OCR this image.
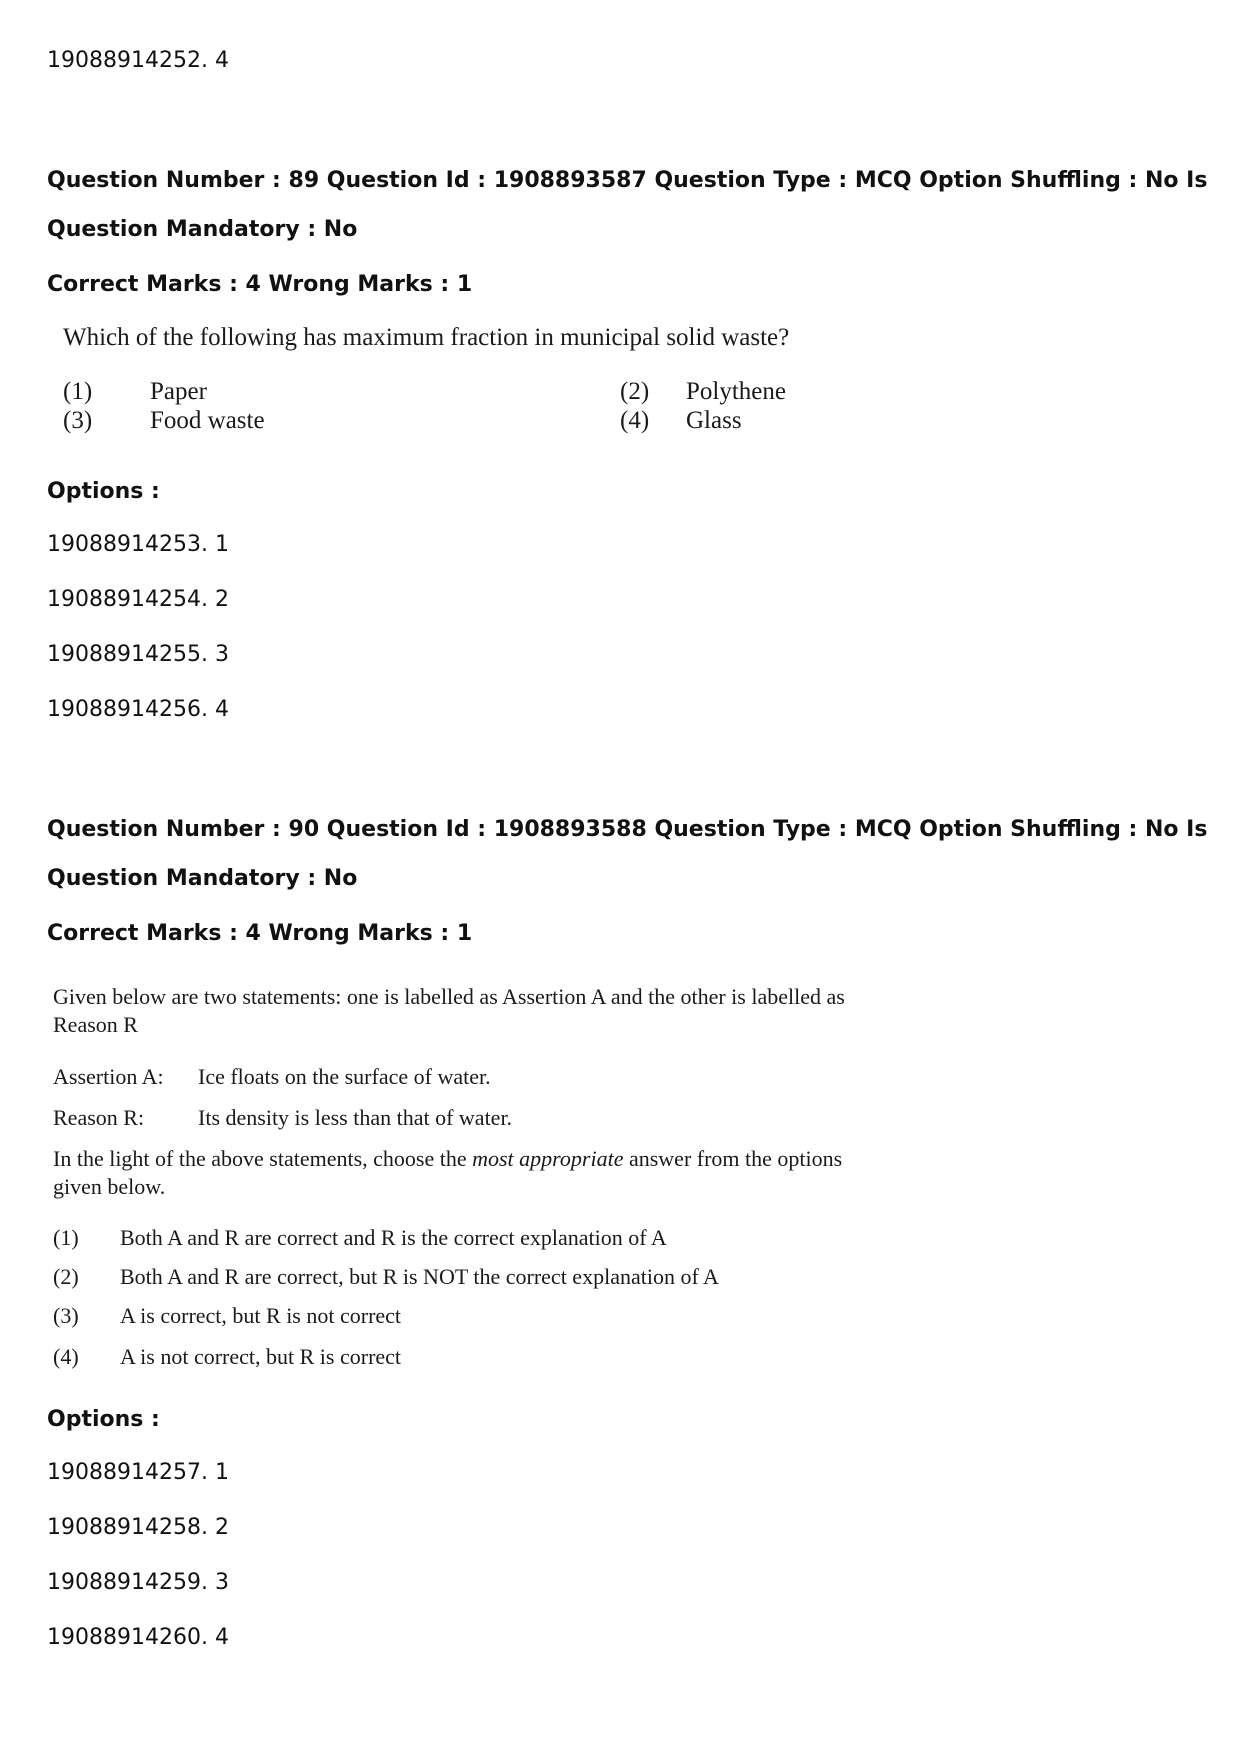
19088914252. 4
Question Number : 89 Question Id : 1908893587 Question Type : MCQ Option Shuffling : No Is
Question Mandatory : No
Correct Marks : 4 Wrong Marks : 1
Which of the following has maximum fraction in municipal solid waste?
(1) Paper	(2) Polythene
(3) Food waste	(4) Glass
Options :
19088914253. 1
19088914254. 2
19088914255. 3
19088914256. 4
Question Number : 90 Question Id : 1908893588 Question Type : MCQ Option Shuffling : No Is
Question Mandatory : No
Correct Marks : 4 Wrong Marks : 1
Given below are two statements: one is labelled as Assertion A and the other is labelled as
Reason R
Assertion A: Ice floats on the surface of water.
Reason R: Its density is less than that of water.
In the light of the above statements, choose the most appropriate answer from the options
given below.
(1) Both A and R are correct and R is the correct explanation of A
(2) Both A and R are correct, but R is NOT the correct explanation of A
(3) A is correct, but R is not correct
(4) A is not correct, but R is correct
Options :
19088914257. 1
19088914258. 2
19088914259. 3
19088914260. 4
